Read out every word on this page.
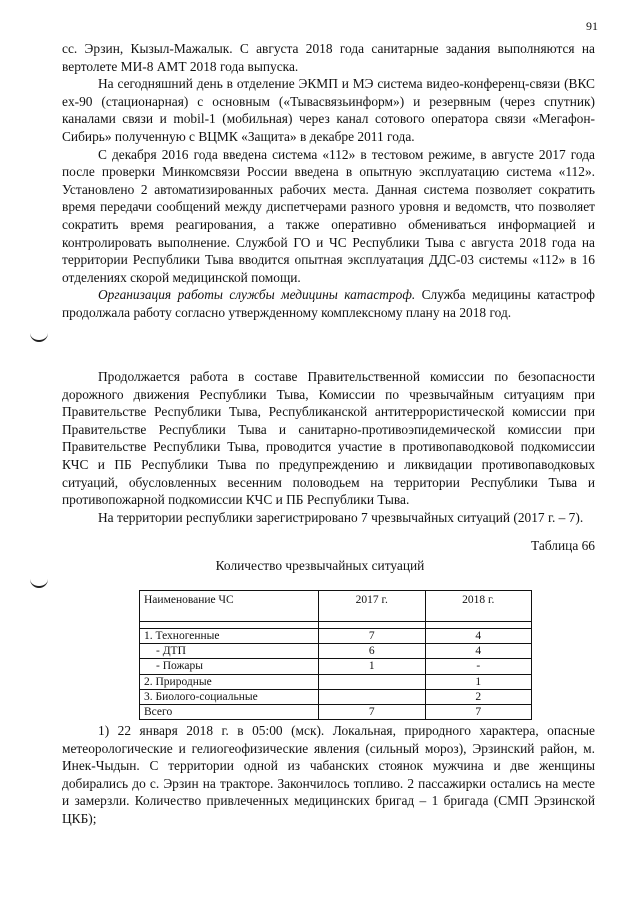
91

сс. Эрзин, Кызыл-Мажалык. С августа 2018 года санитарные задания выполняются на вертолете МИ-8 АМТ 2018 года выпуска.

На сегодняшний день в отделение ЭКМП и МЭ система видео-конференц-связи (ВКС ex-90 (стационарная) с основным («Тывасвязьинформ») и резервным (через спутник) каналами связи и mobil-1 (мобильная) через канал сотового оператора связи «Мегафон-Сибирь» полученную с ВЦМК «Защита» в декабре 2011 года.

С декабря 2016 года введена система «112» в тестовом режиме, в августе 2017 года после проверки Минкомсвязи России введена в опытную эксплуатацию система «112». Установлено 2 автоматизированных рабочих места. Данная система позволяет сократить время передачи сообщений между диспетчерами разного уровня и ведомств, что позволяет сократить время реагирования, а также оперативно обмениваться информацией и контролировать выполнение. Службой ГО и ЧС Республики Тыва с августа 2018 года на территории Республики Тыва вводится опытная эксплуатация ДДС-03 системы «112» в 16 отделениях скорой медицинской помощи.

Организация работы службы медицины катастроф. Служба медицины катастроф продолжала работу согласно утвержденному комплексному плану на 2018 год.

Продолжается работа в составе Правительственной комиссии по безопасности дорожного движения Республики Тыва, Комиссии по чрезвычайным ситуациям при Правительстве Республики Тыва, Республиканской антитеррористической комиссии при Правительстве Республики Тыва и санитарно-противоэпидемической комиссии при Правительстве Республики Тыва, проводится участие в противопаводковой подкомиссии КЧС и ПБ Республики Тыва по предупреждению и ликвидации противопаводковых ситуаций, обусловленных весенним половодьем на территории Республики Тыва и противопожарной подкомиссии КЧС и ПБ Республики Тыва.

На территории республики зарегистрировано 7 чрезвычайных ситуаций (2017 г. – 7).

Таблица 66
Количество чрезвычайных ситуаций
Наименование ЧС	2017 г.	2018 г.

1. Техногенные	7	4
- ДТП	6	4
- Пожары	1	-
2. Природные		1
3. Биолого-социальные		2
Всего	7	7

1) 22 января 2018 г. в 05:00 (мск). Локальная, природного характера, опасные метеорологические и гелиогеофизические явления (сильный мороз), Эрзинский район, м. Инек-Чыдын. С территории одной из чабанских стоянок мужчина и две женщины добирались до с. Эрзин на тракторе. Закончилось топливо. 2 пассажирки остались на месте и замерзли. Количество привлеченных медицинских бригад – 1 бригада (СМП Эрзинской ЦКБ);
